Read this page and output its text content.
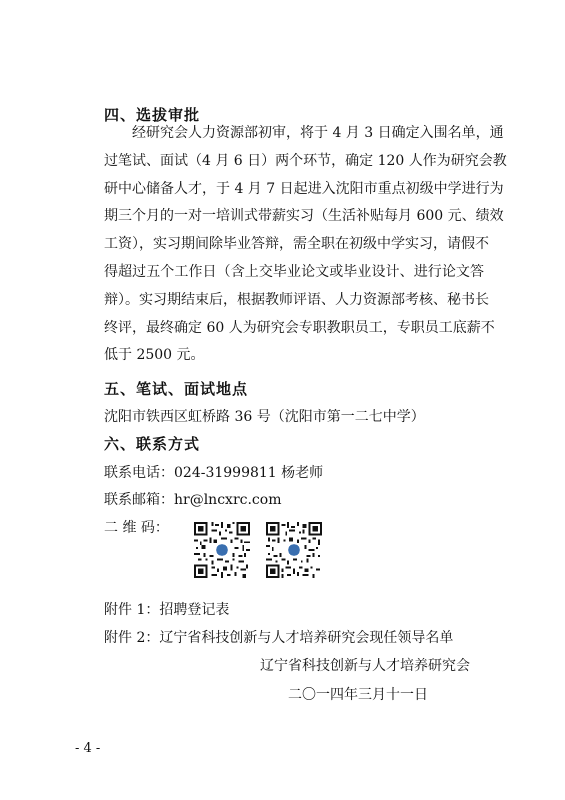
四、选拔审批
经研究会人力资源部初审，将于 4 月 3 日确定入围名单，通
过笔试、面试（4 月 6 日）两个环节，确定 120 人作为研究会教
研中心储备人才，于 4 月 7 日起进入沈阳市重点初级中学进行为
期三个月的一对一培训式带薪实习（生活补贴每月 600 元、绩效
工资），实习期间除毕业答辩，需全职在初级中学实习，请假不
得超过五个工作日（含上交毕业论文或毕业设计、进行论文答
辩）。实习期结束后，根据教师评语、人力资源部考核、秘书长
终评，最终确定 60 人为研究会专职教职员工，专职员工底薪不
低于 2500 元。
五、笔试、面试地点
沈阳市铁西区虹桥路 36 号（沈阳市第一二七中学）
六、联系方式
联系电话：024-31999811 杨老师
联系邮箱：hr@lncxrc.com
二 维 码：
附件 1：招聘登记表
附件 2：辽宁省科技创新与人才培养研究会现任领导名单
辽宁省科技创新与人才培养研究会
二〇一四年三月十一日
- 4 -
